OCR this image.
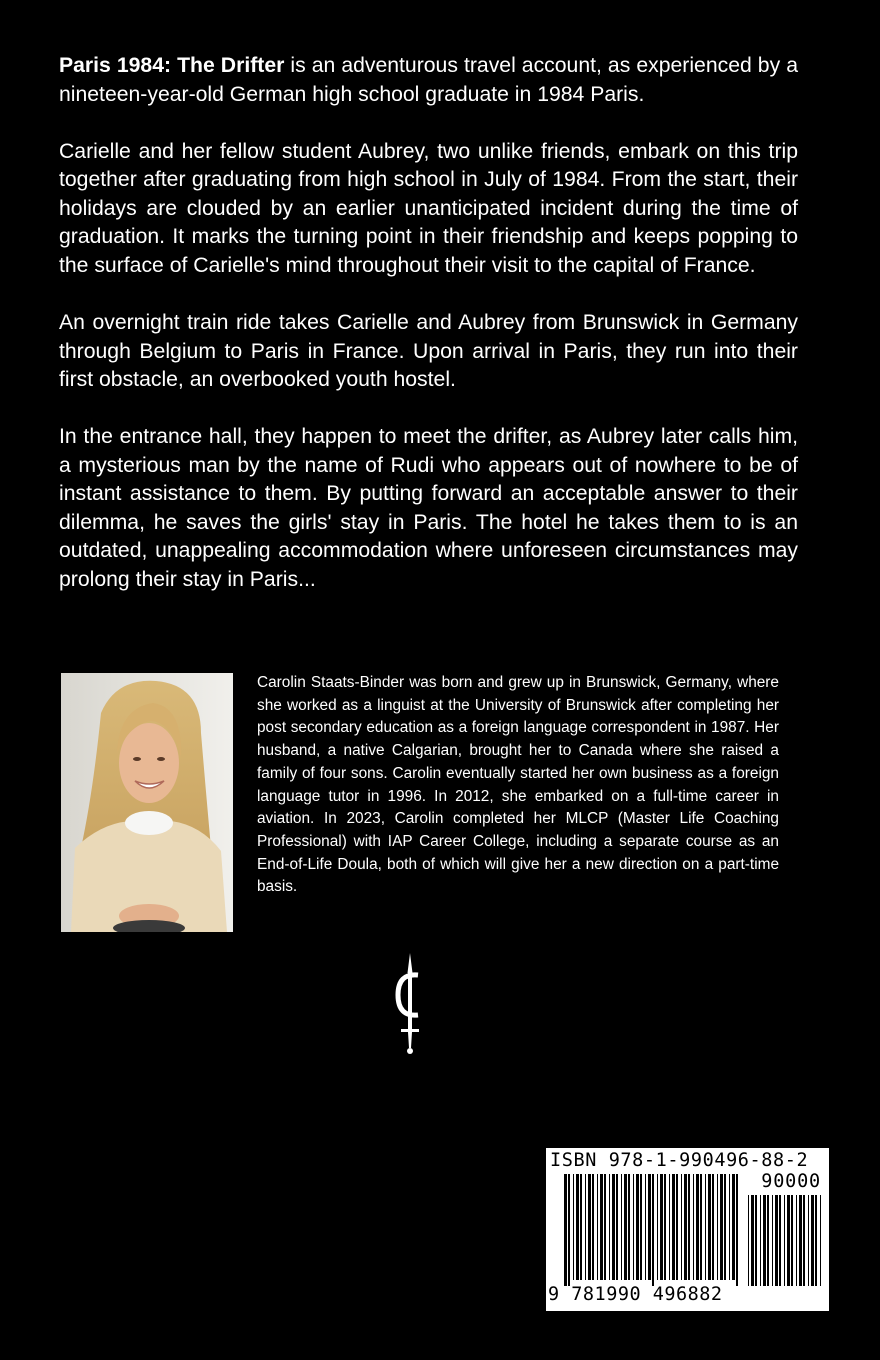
Paris 1984: The Drifter is an adventurous travel account, as experienced by a nineteen-year-old German high school graduate in 1984 Paris.

Carielle and her fellow student Aubrey, two unlike friends, embark on this trip together after graduating from high school in July of 1984. From the start, their holidays are clouded by an earlier unanticipated incident during the time of graduation. It marks the turning point in their friendship and keeps popping to the surface of Carielle's mind throughout their visit to the capital of France.

An overnight train ride takes Carielle and Aubrey from Brunswick in Germany through Belgium to Paris in France. Upon arrival in Paris, they run into their first obstacle, an overbooked youth hostel.

In the entrance hall, they happen to meet the drifter, as Aubrey later calls him, a mysterious man by the name of Rudi who appears out of nowhere to be of instant assistance to them. By putting forward an acceptable answer to their dilemma, he saves the girls' stay in Paris. The hotel he takes them to is an outdated, unappealing accommodation where unforeseen circumstances may prolong their stay in Paris...

Carolin Staats-Binder was born and grew up in Brunswick, Germany, where she worked as a linguist at the University of Brunswick after completing her post secondary education as a foreign language correspondent in 1987. Her husband, a native Calgarian, brought her to Canada where she raised a family of four sons. Carolin eventually started her own business as a foreign language tutor in 1996. In 2012, she embarked on a full-time career in aviation. In 2023, Carolin completed her MLCP (Master Life Coaching Professional) with IAP Career College, including a separate course as an End-of-Life Doula, both of which will give her a new direction on a part-time basis.
ISBN 978-1-990496-88-2
90000
9 781990 496882
